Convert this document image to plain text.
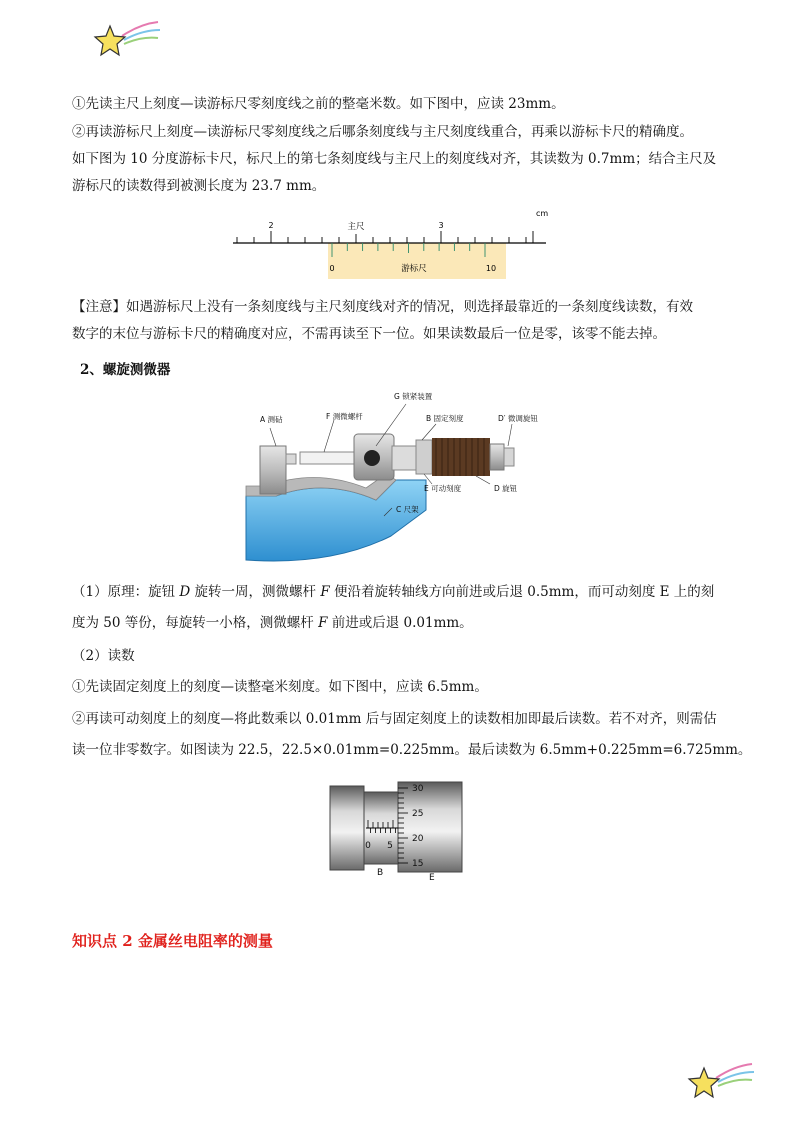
①先读主尺上刻度—读游标尺零刻度线之前的整毫米数。如下图中，应读 23mm。
②再读游标尺上刻度—读游标尺零刻度线之后哪条刻度线与主尺刻度线重合，再乘以游标卡尺的精确度。
如下图为 10 分度游标卡尺，标尺上的第七条刻度线与主尺上的刻度线对齐，其读数为 0.7mm；结合主尺及
游标尺的读数得到被测长度为 23.7 mm。
cm
2	3
主尺
0	10
游标尺
【注意】如遇游标尺上没有一条刻度线与主尺刻度线对齐的情况，则选择最靠近的一条刻度线读数，有效
数字的末位与游标卡尺的精确度对应，不需再读至下一位。如果读数最后一位是零，该零不能去掉。
2、螺旋测微器
G 锁紧装置
A 测砧	F 测微螺杆	B 固定刻度	D′ 微调旋钮
E 可动刻度	D 旋钮
C 尺架
（1）原理：旋钮 D 旋转一周，测微螺杆 F 便沿着旋转轴线方向前进或后退 0.5mm，而可动刻度 E 上的刻
度为 50 等份，每旋转一小格，测微螺杆 F 前进或后退 0.01mm。
（2）读数
①先读固定刻度上的刻度—读整毫米刻度。如下图中，应读 6.5mm。
②再读可动刻度上的刻度—将此数乘以 0.01mm 后与固定刻度上的读数相加即最后读数。若不对齐，则需估
读一位非零数字。如图读为 22.5，22.5×0.01mm=0.225mm。最后读数为 6.5mm+0.225mm=6.725mm。
0 5
30
25
20
15
B	E
知识点 2 金属丝电阻率的测量
